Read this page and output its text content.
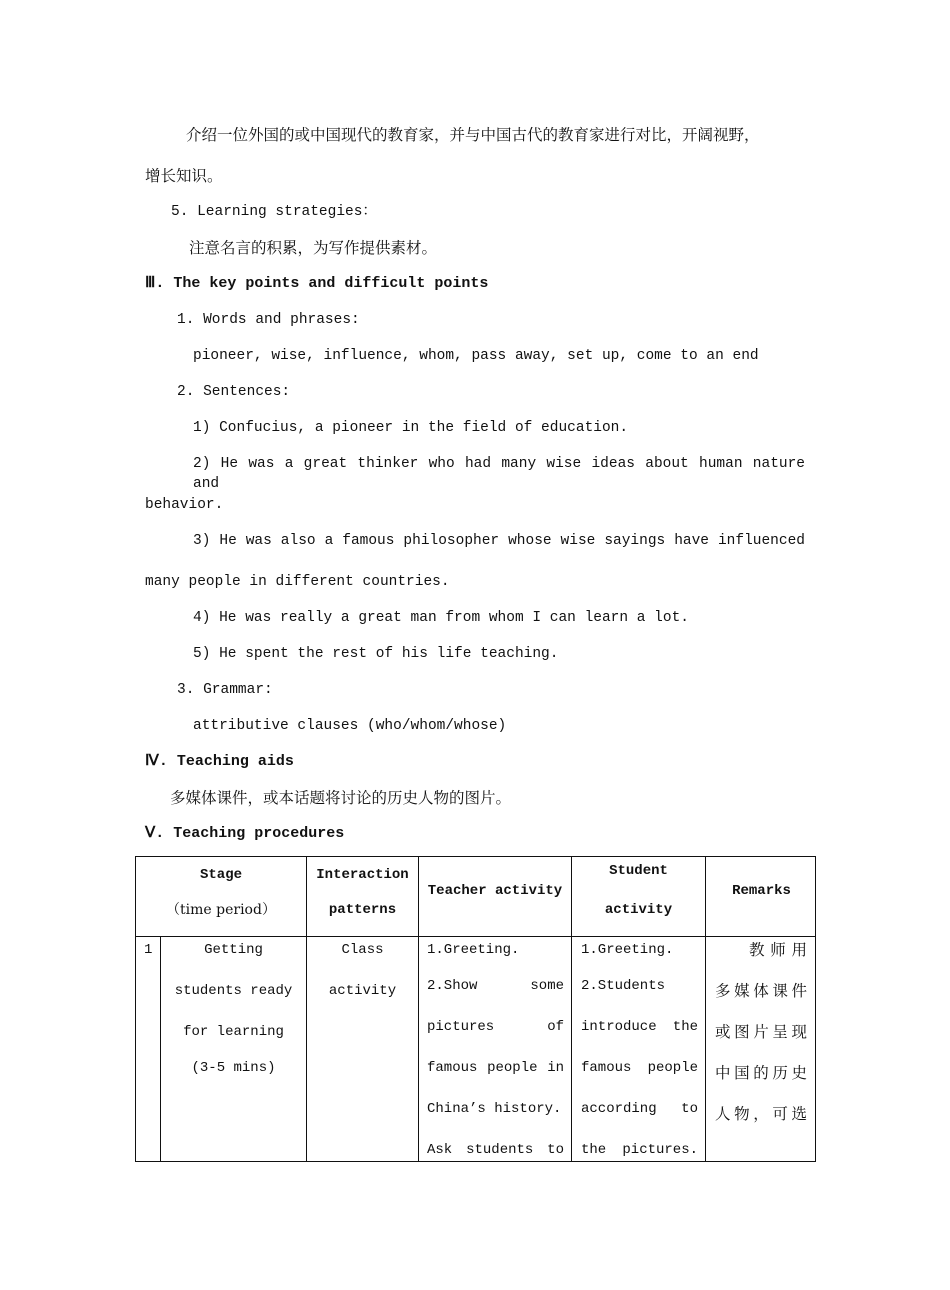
介绍一位外国的或中国现代的教育家，并与中国古代的教育家进行对比，开阔视野，
增长知识。
5. Learning strategies：
注意名言的积累，为写作提供素材。
Ⅲ. The key points and difficult points
1. Words and phrases:
pioneer, wise, influence, whom, pass away, set up, come to an end
2. Sentences:
1) Confucius, a pioneer in the field of education.
2) He was a great thinker who had many wise ideas about human nature and
behavior.
3) He was also a famous philosopher whose wise sayings have influenced
many people in different countries.
4) He was really a great man from whom I can learn a lot.
5) He spent the rest of his life teaching.
3. Grammar:
attributive clauses (who/whom/whose)
Ⅳ. Teaching aids
多媒体课件，或本话题将讨论的历史人物的图片。
Ⅴ. Teaching procedures
Stage
（time period）
Interaction
patterns
Teacher activity
Student
activity
Remarks
1	Getting
students ready
for learning
(3-5 mins)
Class
activity
1.Greeting.
2.Show some
pictures of
famous people in
China’s history.
Ask students to
1.Greeting.
2.Students
introduce the
famous people
according to
the pictures.
教师用
多媒体课件
或图片呈现
中国的历史
人物，可选
